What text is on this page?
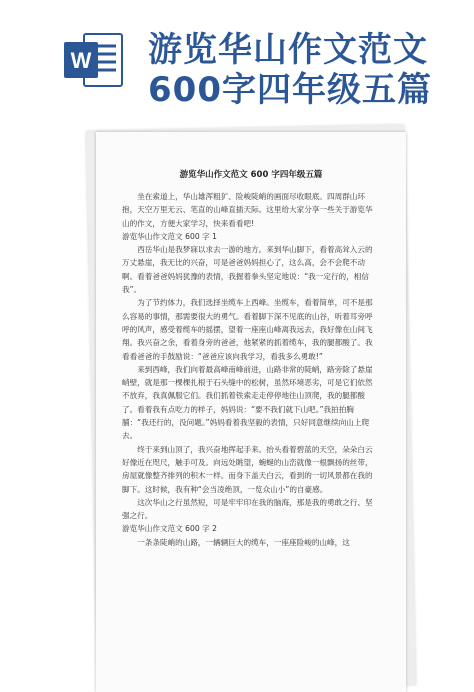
W 游览华山作文范文
600字四年级五篇
游览华山作文范文 600 字四年级五篇

坐在索道上，华山雄浑粗犷、险峻陡峭的画面尽收眼底。四周群山环抱，天空万里无云、笔直的山峰直插天际。这里给大家分享一些关于游览华山的作文，方便大家学习，快来看看吧!

游览华山作文范文 600 字 1

西岳华山是我梦寐以求去一游的地方。来到华山脚下，看着高耸入云的万丈悬崖，我无比的兴奋，可是爸爸妈妈担心了，这么高，会不会爬不动啊。看着爸爸妈妈犹豫的表情，我握着拳头坚定地说：“我一定行的，相信我”。

为了节约体力，我们选择坐缆车上西峰。坐缆车，看着简单，可不是那么容易的事情，那需要很大的勇气。看着脚下深不见底的山谷，听着耳旁呼呼的风声，感受着缆车的摇摆，望着一座座山峰离我远去，我好像在山间飞翔。我兴奋之余，看着身旁的爸爸，他紧紧的抓着缆车，我的腿都酸了。我看看爸爸的手鼓励说：“爸爸应该向我学习，看我多么勇敢!”

来到西峰，我们向着最高峰南峰前进，山路非常的陡峭，路旁除了悬崖峭壁，就是那一棵棵扎根于石头缝中的松树，虽然环境恶劣，可是它们依然不放弃，我真佩服它们。我们抓着铁索走走停停地往山顶爬，我的腿都酸了。看着我有点吃力的样子，妈妈说：“要不我们就下山吧。”我拍拍胸脯：“我还行的，没问题。”妈妈看着我坚毅的表情，只好同意继续向山上爬去。

终于来到山顶了，我兴奋地挥起手来。抬头看着碧蓝的天空，朵朵白云好像近在咫尺，触手可及。向远处眺望，蜿蜒的山峦就像一根飘扬的丝带，房屋就像整齐排列的积木一样。而身下盖天白云，看到的一切风景都在我的脚下。这时候，我有种“会当凌绝顶，一览众山小”的自豪感。

这次华山之行虽然短，可是牢牢印在我的脑海，那是我的勇敢之行、坚强之行。

游览华山作文范文 600 字 2

一条条陡峭的山路，一辆辆巨大的缆车，一座座险峻的山峰，这
